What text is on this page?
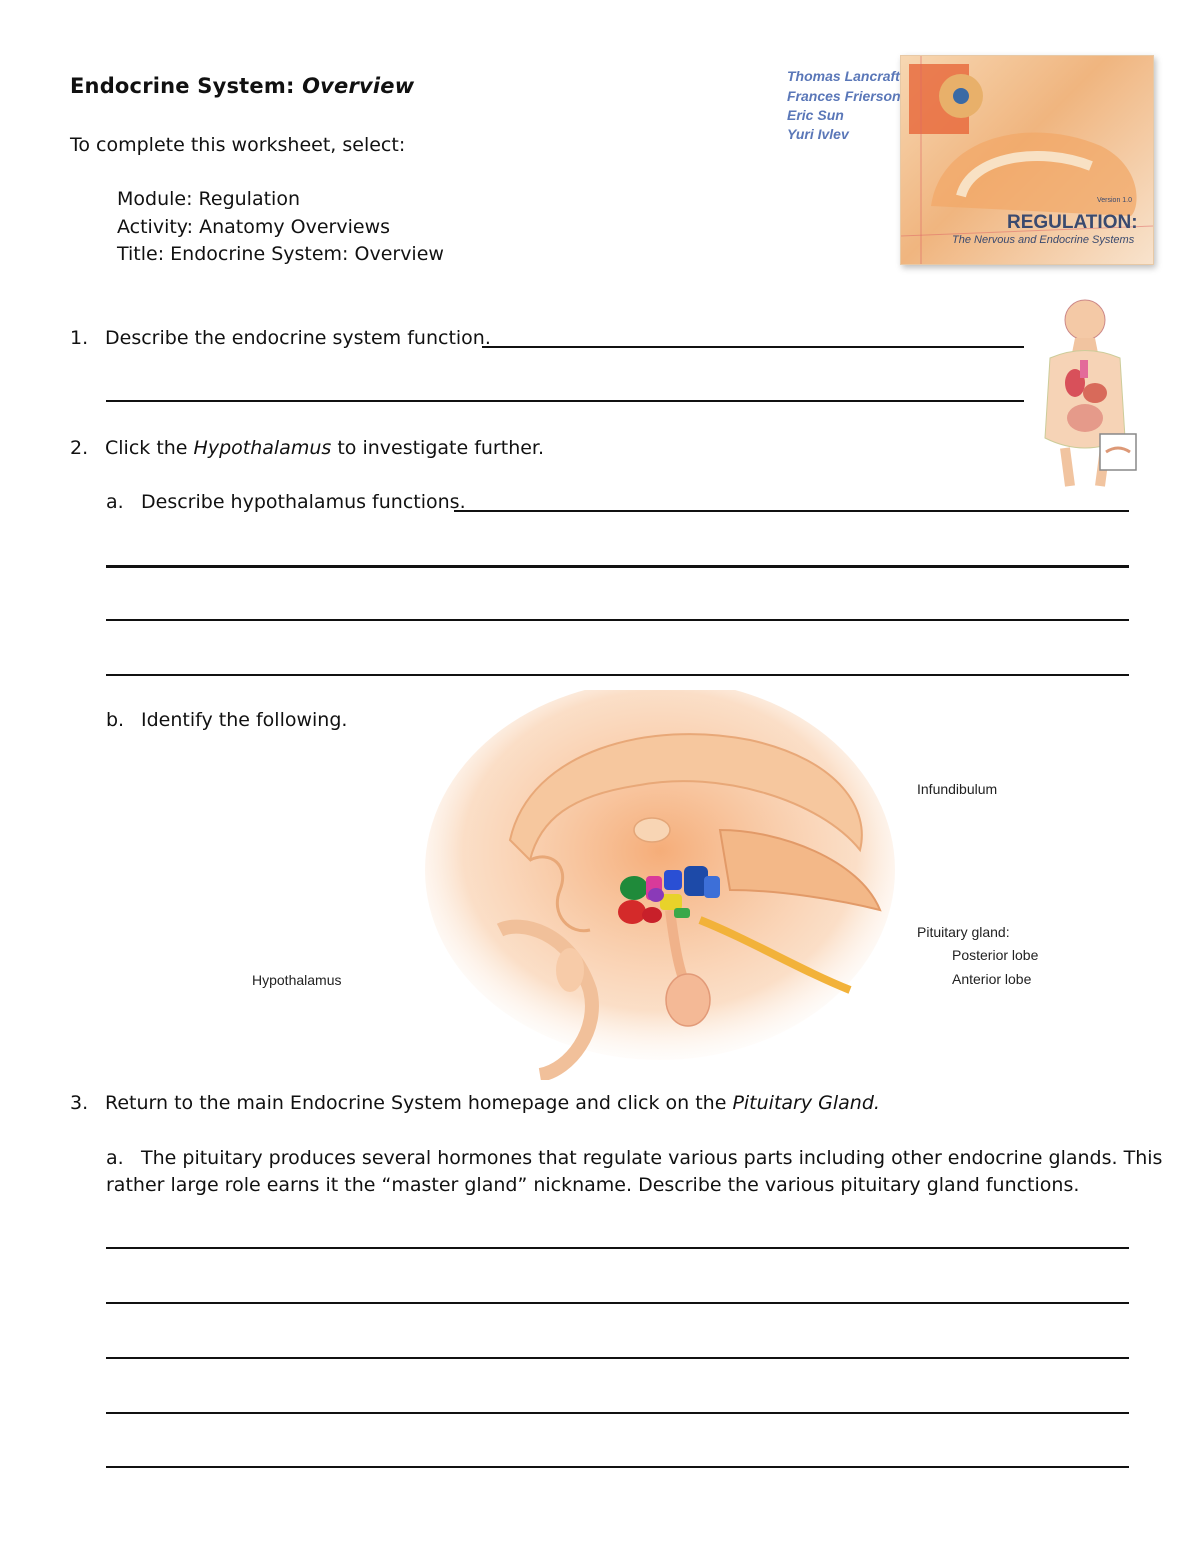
Endocrine System: Overview
To complete this worksheet, select:
Module: Regulation
Activity: Anatomy Overviews
Title: Endocrine System: Overview
Thomas Lancraft
Frances Frierson
Eric Sun
Yuri Ivlev
Version 1.0
REGULATION:
The Nervous and Endocrine Systems
1. Describe the endocrine system function.
2. Click the Hypothalamus to investigate further.
a. Describe hypothalamus functions.
b. Identify the following.
Infundibulum
Pituitary gland:
Posterior lobe
Anterior lobe
Hypothalamus
3. Return to the main Endocrine System homepage and click on the Pituitary Gland.
a. The pituitary produces several hormones that regulate various parts including other endocrine glands. This
rather large role earns it the “master gland” nickname. Describe the various pituitary gland functions.
